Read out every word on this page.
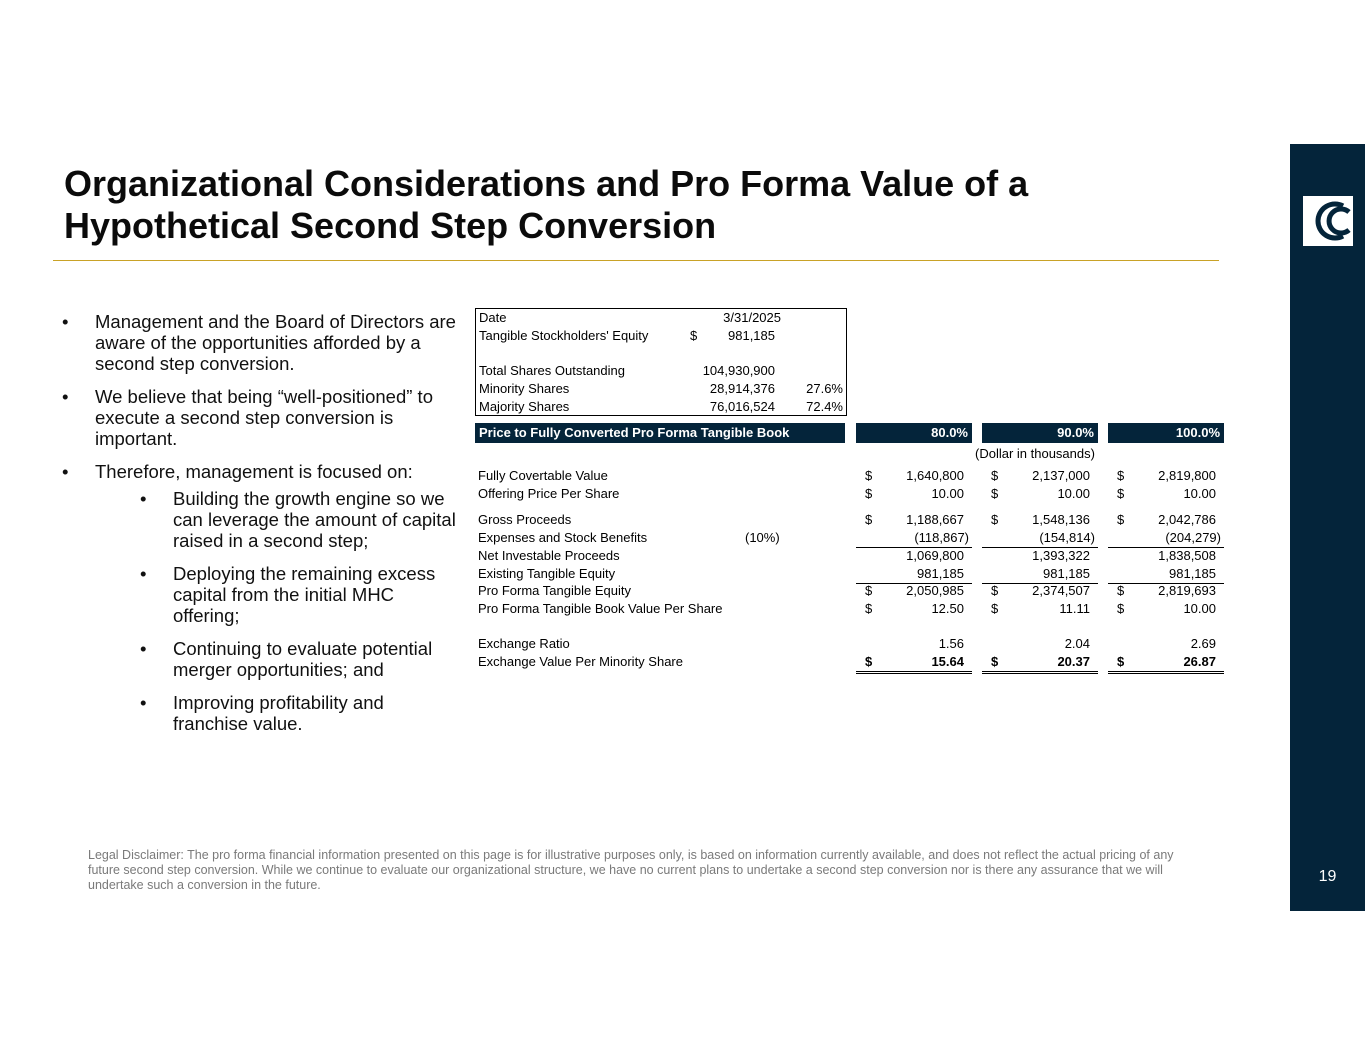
19
Organizational Considerations and Pro Forma Value of a Hypothetical Second Step Conversion
•	Management and the Board of Directors are aware of the opportunities afforded by a second step conversion.
•	We believe that being “well-positioned” to execute a second step conversion is important.
•	Therefore, management is focused on:
•	Building the growth engine so we can leverage the amount of capital raised in a second step;
•	Deploying the remaining excess capital from the initial MHC offering;
•	Continuing to evaluate potential merger opportunities; and
•	Improving profitability and franchise value.
Date	3/31/2025
Tangible Stockholders' Equity	$	981,185
Total Shares Outstanding	104,930,900
Minority Shares	28,914,376	27.6%
Majority Shares	76,016,524	72.4%
Price to Fully Converted Pro Forma Tangible Book	80.0%	90.0%	100.0%
(Dollar in thousands)
Fully Covertable Value	$	1,640,800 $	2,137,000 $	2,819,800
Offering Price Per Share	$	10.00 $	10.00 $	10.00
Gross Proceeds	$	1,188,667 $	1,548,136 $	2,042,786
Expenses and Stock Benefits	(10%)	(118,867)	(154,814)	(204,279)
Net Investable Proceeds	1,069,800	1,393,322	1,838,508
Existing Tangible Equity	981,185	981,185	981,185
Pro Forma Tangible Equity	$	2,050,985 $	2,374,507 $	2,819,693
Pro Forma Tangible Book Value Per Share	$	12.50 $	11.11 $	10.00
Exchange Ratio	1.56	2.04	2.69
Exchange Value Per Minority Share	$	15.64 $	20.37 $	26.87
Legal Disclaimer: The pro forma financial information presented on this page is for illustrative purposes only, is based on information currently available, and does not reflect the actual pricing of any future second step conversion. While we continue to evaluate our organizational structure, we have no current plans to undertake a second step conversion nor is there any assurance that we will undertake such a conversion in the future.
